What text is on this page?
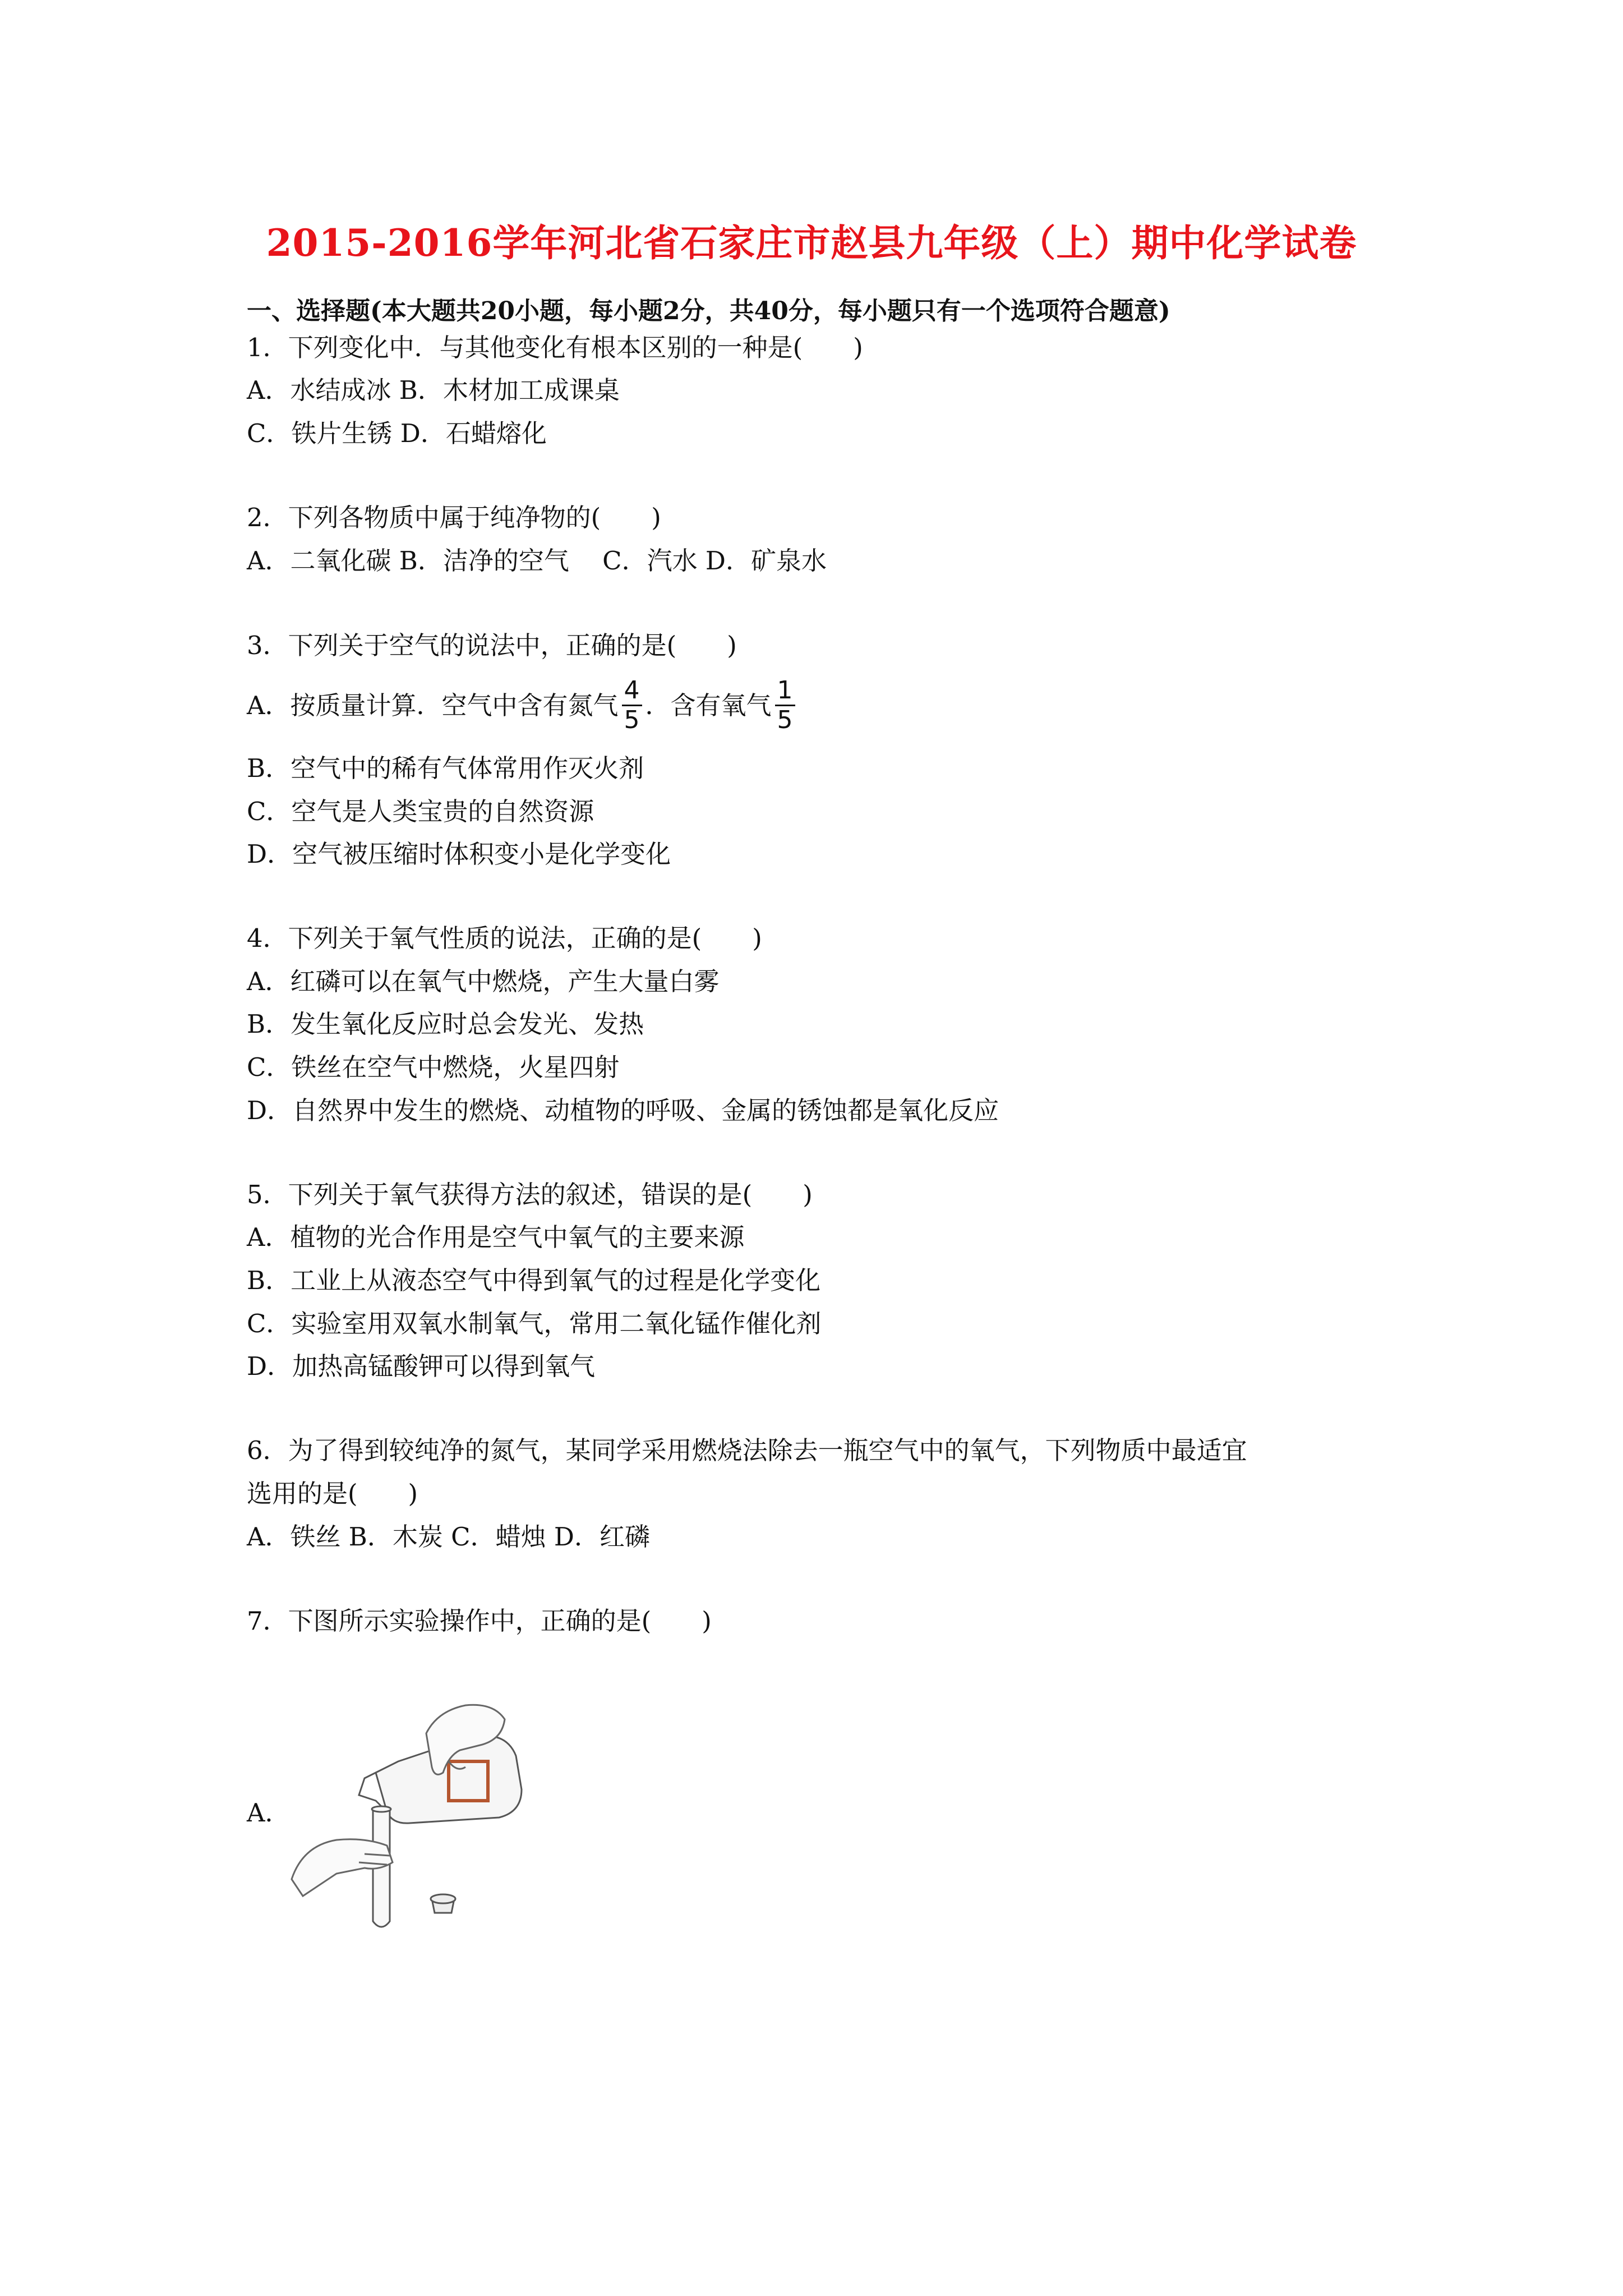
2015-2016学年河北省石家庄市赵县九年级（上）期中化学试卷
一、选择题(本大题共20小题，每小题2分，共40分，每小题只有一个选项符合题意)
1．下列变化中．与其他变化有根本区别的一种是(　　)
A．水结成冰 B．木材加工成课桌
C．铁片生锈 D．石蜡熔化
2．下列各物质中属于纯净物的(　　)
A．二氧化碳 B．洁净的空气　 C．汽水 D．矿泉水
3．下列关于空气的说法中，正确的是(　　)
A．按质量计算．空气中含有氮气 $\frac{4}{5}$ ．含有氧气 $\frac{1}{5}$
B．空气中的稀有气体常用作灭火剂
C．空气是人类宝贵的自然资源
D．空气被压缩时体积变小是化学变化
4．下列关于氧气性质的说法，正确的是(　　)
A．红磷可以在氧气中燃烧，产生大量白雾
B．发生氧化反应时总会发光、发热
C．铁丝在空气中燃烧，火星四射
D．自然界中发生的燃烧、动植物的呼吸、金属的锈蚀都是氧化反应
5．下列关于氧气获得方法的叙述，错误的是(　　)
A．植物的光合作用是空气中氧气的主要来源
B．工业上从液态空气中得到氧气的过程是化学变化
C．实验室用双氧水制氧气，常用二氧化锰作催化剂
D．加热高锰酸钾可以得到氧气
6．为了得到较纯净的氮气，某同学采用燃烧法除去一瓶空气中的氧气，下列物质中最适宜
选用的是(　　)
A．铁丝 B．木炭 C．蜡烛 D．红磷
7．下图所示实验操作中，正确的是(　　)
A．
